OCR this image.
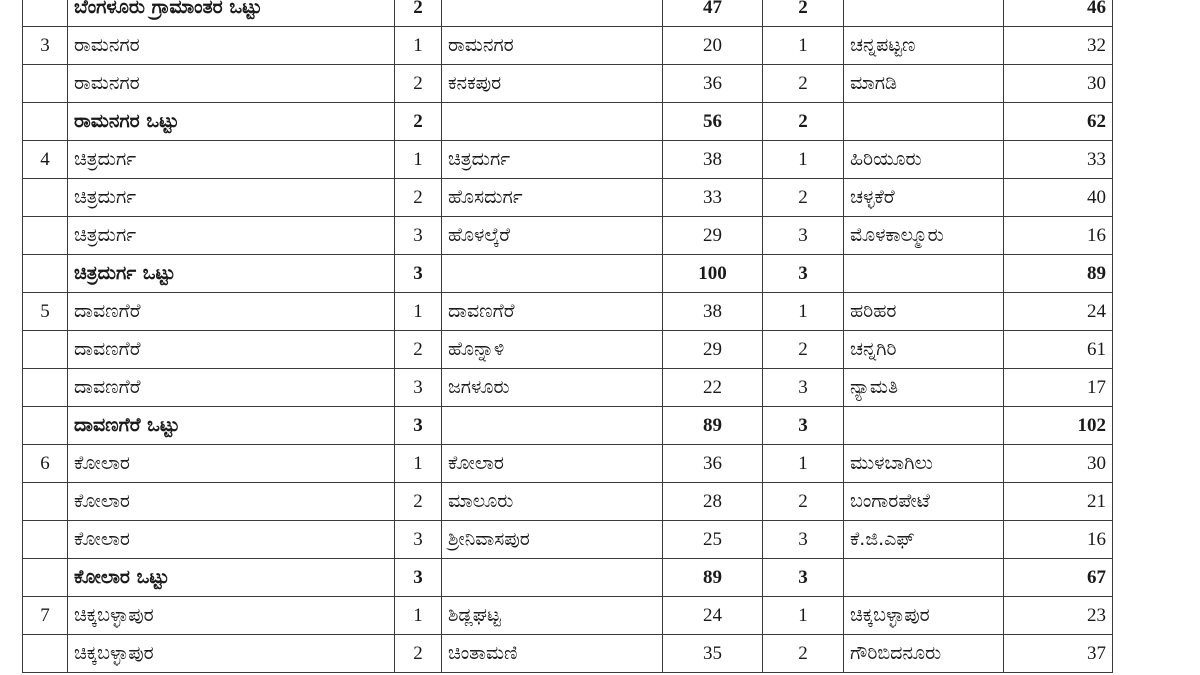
	ಬೆಂಗಳೂರು ಗ್ರಾಮಾಂತರ ಒಟ್ಟು	2		47	2		46
3	ರಾಮನಗರ	1	ರಾಮನಗರ	20	1	ಚನ್ನಪಟ್ಟಣ	32
	ರಾಮನಗರ	2	ಕನಕಪುರ	36	2	ಮಾಗಡಿ	30
	ರಾಮನಗರ ಒಟ್ಟು	2		56	2		62
4	ಚಿತ್ರದುರ್ಗ	1	ಚಿತ್ರದುರ್ಗ	38	1	ಹಿರಿಯೂರು	33
	ಚಿತ್ರದುರ್ಗ	2	ಹೊಸದುರ್ಗ	33	2	ಚಳ್ಳಕೆರೆ	40
	ಚಿತ್ರದುರ್ಗ	3	ಹೊಳಲ್ಕೆರೆ	29	3	ಮೊಳಕಾಲ್ಮೂರು	16
	ಚಿತ್ರದುರ್ಗ ಒಟ್ಟು	3		100	3		89
5	ದಾವಣಗೆರೆ	1	ದಾವಣಗೆರೆ	38	1	ಹರಿಹರ	24
	ದಾವಣಗೆರೆ	2	ಹೊನ್ನಾಳಿ	29	2	ಚನ್ನಗಿರಿ	61
	ದಾವಣಗೆರೆ	3	ಜಗಳೂರು	22	3	ನ್ಯಾಮತಿ	17
	ದಾವಣಗೆರೆ ಒಟ್ಟು	3		89	3		102
6	ಕೋಲಾರ	1	ಕೋಲಾರ	36	1	ಮುಳಬಾಗಿಲು	30
	ಕೋಲಾರ	2	ಮಾಲೂರು	28	2	ಬಂಗಾರಪೇಟೆ	21
	ಕೋಲಾರ	3	ಶ್ರೀನಿವಾಸಪುರ	25	3	ಕೆ.ಜಿ.ಎಫ್	16
	ಕೋಲಾರ ಒಟ್ಟು	3		89	3		67
7	ಚಿಕ್ಕಬಳ್ಳಾಪುರ	1	ಶಿಡ್ಲಘಟ್ಟ	24	1	ಚಿಕ್ಕಬಳ್ಳಾಪುರ	23
	ಚಿಕ್ಕಬಳ್ಳಾಪುರ	2	ಚಿಂತಾಮಣಿ	35	2	ಗೌರಿಬಿದನೂರು	37
